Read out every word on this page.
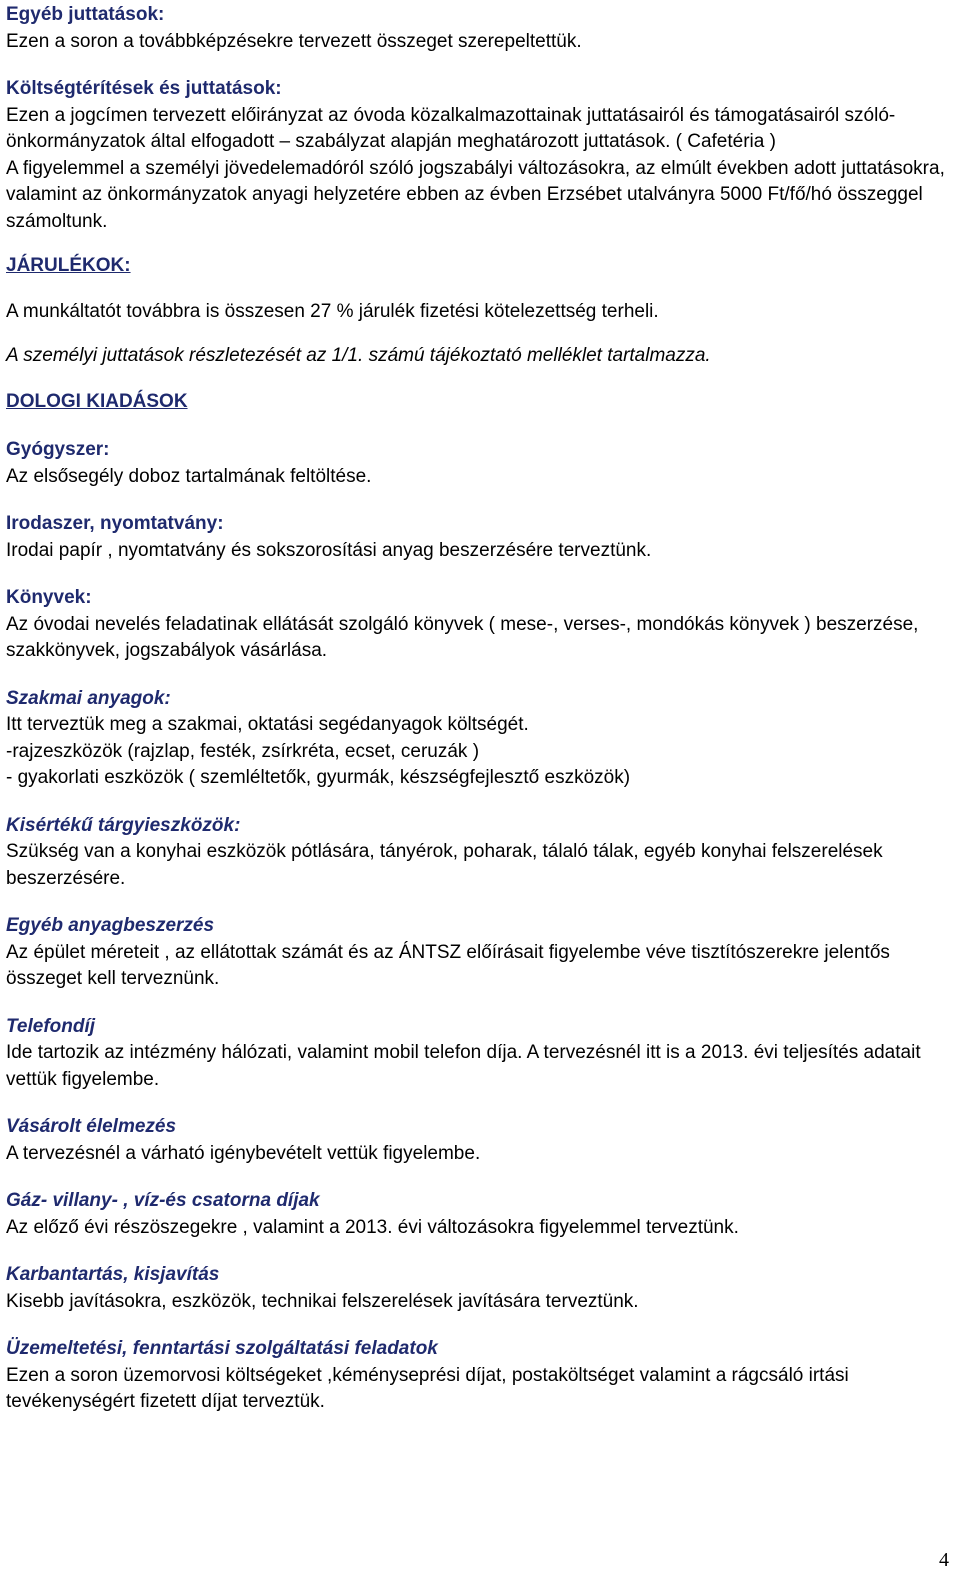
Egyéb juttatások:
Ezen a soron a továbbképzésekre tervezett összeget szerepeltettük.
Költségtérítések és juttatások:
Ezen a jogcímen tervezett előirányzat az óvoda közalkalmazottainak juttatásairól és támogatásairól szóló- önkormányzatok által elfogadott – szabályzat alapján meghatározott juttatások. ( Cafetéria )
A figyelemmel a személyi jövedelemadóról szóló jogszabályi változásokra, az elmúlt években adott juttatásokra, valamint az önkormányzatok anyagi helyzetére ebben az évben Erzsébet utalványra 5000 Ft/fő/hó összeggel számoltunk.
JÁRULÉKOK:
A munkáltatót továbbra is összesen 27 % járulék fizetési kötelezettség terheli.
A személyi juttatások részletezését az 1/1. számú tájékoztató melléklet tartalmazza.
DOLOGI KIADÁSOK
Gyógyszer:
Az elsősegély doboz tartalmának feltöltése.
Irodaszer, nyomtatvány:
Irodai papír , nyomtatvány és sokszorosítási anyag beszerzésére terveztünk.
Könyvek:
Az óvodai nevelés feladatinak ellátását szolgáló könyvek ( mese-, verses-, mondókás könyvek ) beszerzése, szakkönyvek, jogszabályok vásárlása.
Szakmai anyagok:
Itt terveztük meg a szakmai, oktatási segédanyagok költségét.
-rajzeszközök (rajzlap, festék, zsírkréta, ecset, ceruzák )
- gyakorlati eszközök ( szemléltetők, gyurmák, készségfejlesztő eszközök)
Kisértékű tárgyieszközök:
Szükség van a konyhai eszközök pótlására, tányérok, poharak, tálaló tálak, egyéb konyhai felszerelések beszerzésére.
Egyéb anyagbeszerzés
Az épület méreteit , az ellátottak számát és az ÁNTSZ előírásait figyelembe véve tisztítószerekre jelentős összeget kell terveznünk.
Telefondíj
Ide tartozik az intézmény hálózati, valamint mobil telefon díja. A tervezésnél itt is a 2013. évi teljesítés adatait vettük figyelembe.
Vásárolt élelmezés
A tervezésnél a várható igénybevételt vettük figyelembe.
Gáz- villany- , víz-és csatorna díjak
Az előző évi részöszegekre , valamint a 2013. évi változásokra figyelemmel terveztünk.
Karbantartás, kisjavítás
Kisebb javításokra, eszközök, technikai felszerelések javítására terveztünk.
Üzemeltetési, fenntartási szolgáltatási feladatok
Ezen a soron üzemorvosi költségeket ,kéményseprési díjat, postaköltséget valamint a rágcsáló irtási tevékenységért fizetett díjat terveztük.
4
